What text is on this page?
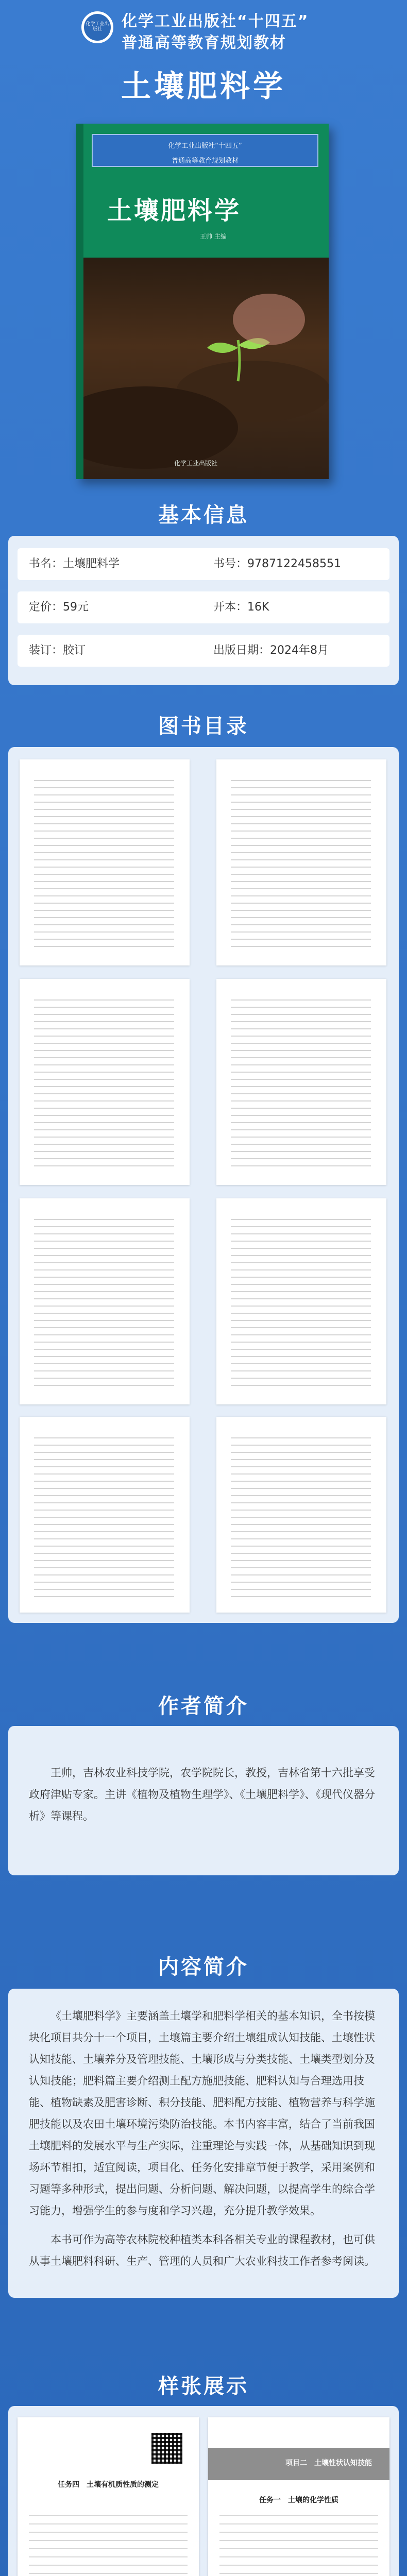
化学工业出版社	化学工业出版社“十四五”
普通高等教育规划教材
土壤肥料学
化学工业出版社“十四五”
普通高等教育规划教材
土壤肥料学
王帅 主编
化学工业出版社
基本信息
书名：土壤肥料学	书号：9787122458551
定价：59元	开本：16K
装订：胶订	出版日期：2024年8月
图书目录
作者简介
王帅，吉林农业科技学院，农学院院长，教授，吉林省第十六批享受政府津贴专家。主讲《植物及植物生理学》、《土壤肥料学》、《现代仪器分析》等课程。
内容简介
《土壤肥料学》主要涵盖土壤学和肥料学相关的基本知识，全书按模块化项目共分十一个项目，土壤篇主要介绍土壤组成认知技能、土壤性状认知技能、土壤养分及管理技能、土壤形成与分类技能、土壤类型划分及认知技能；肥料篇主要介绍测土配方施肥技能、肥料认知与合理选用技能、植物缺素及肥害诊断、积分技能、肥料配方技能、植物营养与科学施肥技能以及农田土壤环境污染防治技能。本书内容丰富，结合了当前我国土壤肥料的发展水平与生产实际，注重理论与实践一体，从基础知识到现场环节相扣，适宜阅读，项目化、任务化安排章节便于教学，采用案例和习题等多种形式，提出问题、分析问题、解决问题，以提高学生的综合学习能力，增强学生的参与度和学习兴趣，充分提升教学效果。
本书可作为高等农林院校种植类本科各相关专业的课程教材，也可供从事土壤肥料科研、生产、管理的人员和广大农业科技工作者参考阅读。
样张展示
任务四　土壤有机质性质的测定
项目二　土壤性状认知技能
任务一　土壤的化学性质
